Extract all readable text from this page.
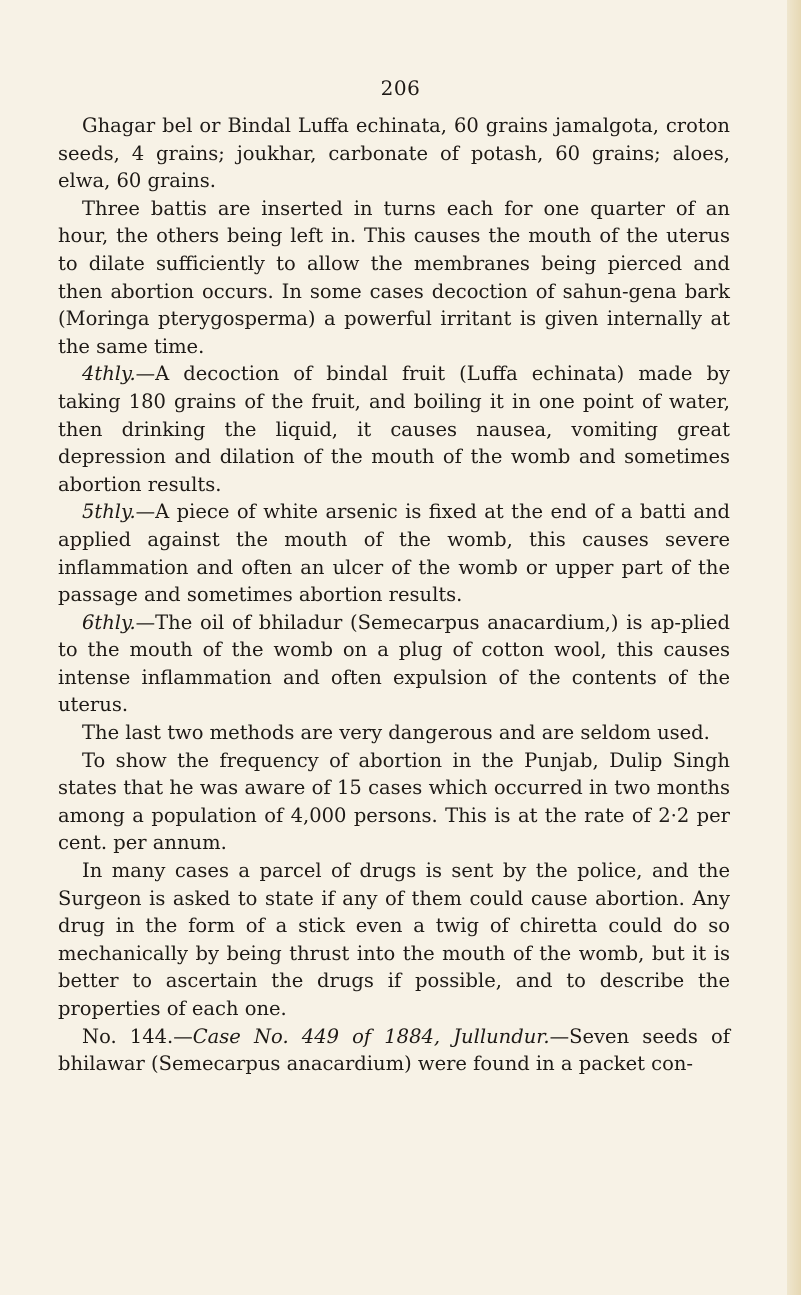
206

Ghagar bel or Bindal Luffa echinata, 60 grains jamalgota, croton seeds, 4 grains; joukhar, carbonate of potash, 60 grains; aloes, elwa, 60 grains.

Three battis are inserted in turns each for one quarter of an hour, the others being left in. This causes the mouth of the uterus to dilate sufficiently to allow the membranes being pierced and then abortion occurs. In some cases decoction of sahun-gena bark (Moringa pterygosperma) a powerful irritant is given internally at the same time.

4thly.—A decoction of bindal fruit (Luffa echinata) made by taking 180 grains of the fruit, and boiling it in one point of water, then drinking the liquid, it causes nausea, vomiting great depression and dilation of the mouth of the womb and sometimes abortion results.

5thly.—A piece of white arsenic is fixed at the end of a batti and applied against the mouth of the womb, this causes severe inflammation and often an ulcer of the womb or upper part of the passage and sometimes abortion results.

6thly.—The oil of bhiladur (Semecarpus anacardium,) is ap-plied to the mouth of the womb on a plug of cotton wool, this causes intense inflammation and often expulsion of the contents of the uterus.

The last two methods are very dangerous and are seldom used.

To show the frequency of abortion in the Punjab, Dulip Singh states that he was aware of 15 cases which occurred in two months among a population of 4,000 persons. This is at the rate of 2·2 per cent. per annum.

In many cases a parcel of drugs is sent by the police, and the Surgeon is asked to state if any of them could cause abortion. Any drug in the form of a stick even a twig of chiretta could do so mechanically by being thrust into the mouth of the womb, but it is better to ascertain the drugs if possible, and to describe the properties of each one.

No. 144.—Case No. 449 of 1884, Jullundur.—Seven seeds of bhilawar (Semecarpus anacardium) were found in a packet con-
